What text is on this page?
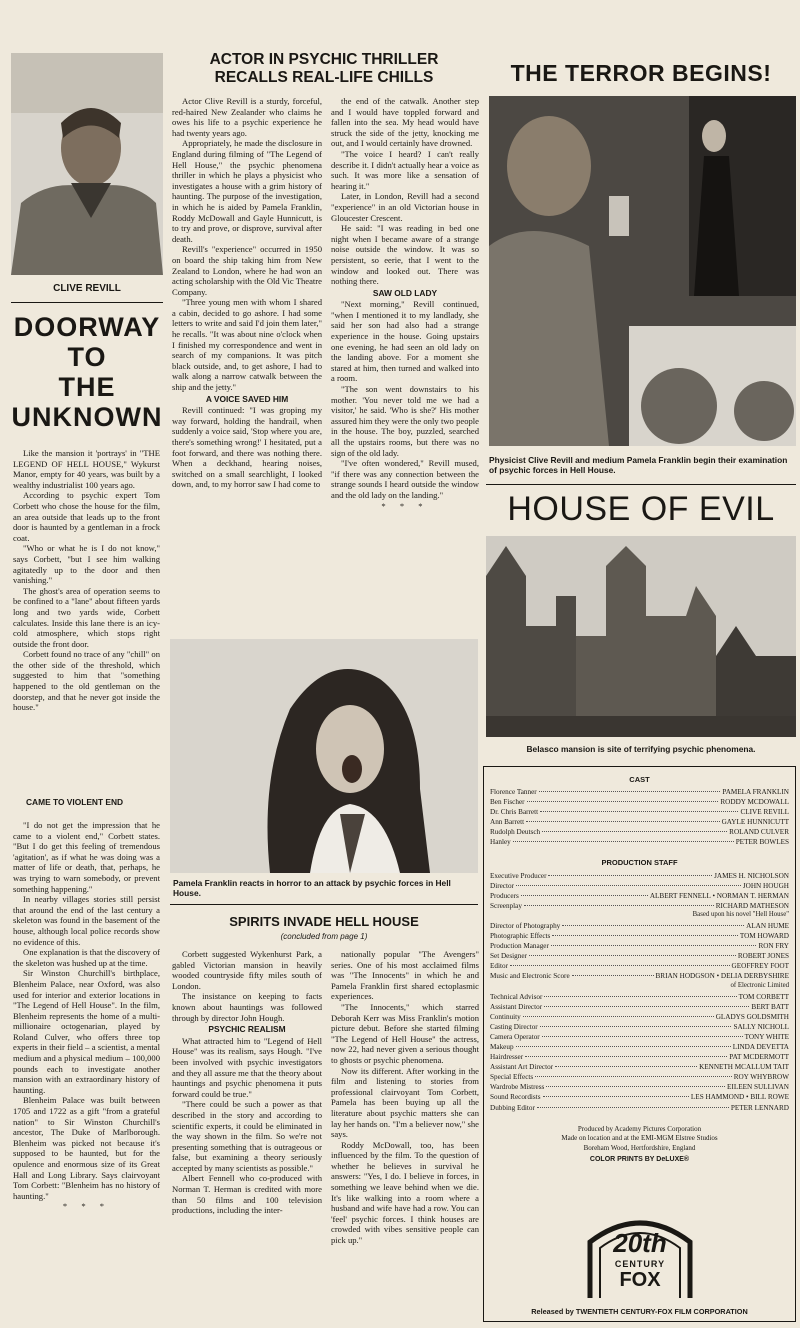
CLIVE REVILL
DOORWAY
TO
THE
UNKNOWN

Like the mansion it 'portrays' in "THE LEGEND OF HELL HOUSE," Wykurst Manor, empty for 40 years, was built by a wealthy industrialist 100 years ago.

According to psychic expert Tom Corbett who chose the house for the film, an area outside that leads up to the front door is haunted by a gentleman in a frock coat.

"Who or what he is I do not know," says Corbett, "but I see him walking agitatedly up to the door and then vanishing."

The ghost's area of operation seems to be confined to a "lane" about fifteen yards long and two yards wide, Corbett calculates. Inside this lane there is an icy-cold atmosphere, which stops right outside the front door.

Corbett found no trace of any "chill" on the other side of the threshold, which suggested to him that "something happened to the old gentleman on the doorstep, and that he never got inside the house."

CAME TO VIOLENT END

"I do not get the impression that he came to a violent end," Corbett states. "But I do get this feeling of tremendous 'agitation', as if what he was doing was a matter of life or death, that, perhaps, he was trying to warn somebody, or prevent something happening."

In nearby villages stories still persist that around the end of the last century a skeleton was found in the basement of the house, although local police records show no evidence of this.

One explanation is that the discovery of the skeleton was hushed up at the time.

Sir Winston Churchill's birthplace, Blenheim Palace, near Oxford, was also used for interior and exterior locations in "The Legend of Hell House". In the film, Blenheim represents the home of a multi-millionaire octogenarian, played by Roland Culver, who offers three top experts in their field – a scientist, a mental medium and a physical medium – 100,000 pounds each to investigate another mansion with an extraordinary history of haunting.

Blenheim Palace was built between 1705 and 1722 as a gift "from a grateful nation" to Sir Winston Churchill's ancestor, The Duke of Marlborough. Blenheim was picked not because it's supposed to be haunted, but for the opulence and enormous size of its Great Hall and Long Library. Says clairvoyant Tom Corbett: "Blenheim has no history of haunting."

* * *

ACTOR IN PSYCHIC THRILLER
RECALLS REAL-LIFE CHILLS

Actor Clive Revill is a sturdy, forceful, red-haired New Zealander who claims he owes his life to a psychic experience he had twenty years ago.

Appropriately, he made the disclosure in England during filming of "The Legend of Hell House," the psychic phenomena thriller in which he plays a physicist who investigates a house with a grim history of haunting. The purpose of the investigation, in which he is aided by Pamela Franklin, Roddy McDowall and Gayle Hunnicutt, is to try and prove, or disprove, survival after death.

Revill's "experience" occurred in 1950 on board the ship taking him from New Zealand to London, where he had won an acting scholarship with the Old Vic Theatre Company.

"Three young men with whom I shared a cabin, decided to go ashore. I had some letters to write and said I'd join them later," he recalls. "It was about nine o'clock when I finished my correspondence and went in search of my companions. It was pitch black outside, and, to get ashore, I had to walk along a narrow catwalk between the ship and the jetty."

A VOICE SAVED HIM

Revill continued: "I was groping my way forward, holding the handrail, when suddenly a voice said, 'Stop where you are, there's something wrong!' I hesitated, put a foot forward, and there was nothing there. When a deckhand, hearing noises, switched on a small searchlight, I looked down, and, to my horror saw I had come to

the end of the catwalk. Another step and I would have toppled forward and fallen into the sea. My head would have struck the side of the jetty, knocking me out, and I would certainly have drowned.

"The voice I heard? I can't really describe it. I didn't actually hear a voice as such. It was more like a sensation of hearing it."

Later, in London, Revill had a second "experience" in an old Victorian house in Gloucester Crescent.

He said: "I was reading in bed one night when I became aware of a strange noise outside the window. It was so persistent, so eerie, that I went to the window and looked out. There was nothing there.

SAW OLD LADY

"Next morning," Revill continued, "when I mentioned it to my landlady, she said her son had also had a strange experience in the house. Going upstairs one evening, he had seen an old lady on the landing above. For a moment she stared at him, then turned and walked into a room.

"The son went downstairs to his mother. 'You never told me we had a visitor,' he said. 'Who is she?' His mother assured him they were the only two people in the house. The boy, puzzled, searched all the upstairs rooms, but there was no sign of the old lady.

"I've often wondered," Revill mused, "if there was any connection between the strange sounds I heard outside the window and the old lady on the landing."

* * *

Pamela Franklin reacts in horror to an attack by psychic forces in Hell House.
SPIRITS INVADE HELL HOUSE
(concluded from page 1)

Corbett suggested Wykenhurst Park, a gabled Victorian mansion in heavily wooded countryside fifty miles south of London.

The insistance on keeping to facts known about hauntings was followed through by director John Hough.

PSYCHIC REALISM

What attracted him to "Legend of Hell House" was its realism, says Hough. "I've been involved with psychic investigators and they all assure me that the theory about hauntings and psychic phenomena it puts forward could be true."

"There could be such a power as that described in the story and according to scientific experts, it could be eliminated in the way shown in the film. So we're not presenting something that is outrageous or false, but examining a theory seriously accepted by many scientists as possible."

Albert Fennell who co-produced with Norman T. Herman is credited with more than 50 films and 100 television productions, including the inter-

nationally popular "The Avengers" series. One of his most acclaimed films was "The Innocents" in which he and Pamela Franklin first shared ectoplasmic experiences.

"The Innocents," which starred Deborah Kerr was Miss Franklin's motion picture debut. Before she started filming "The Legend of Hell House" the actress, now 22, had never given a serious thought to ghosts or psychic phenomena.

Now its different. After working in the film and listening to stories from professional clairvoyant Tom Corbett, Pamela has been buying up all the literature about psychic matters she can lay her hands on. "I'm a believer now," she says.

Roddy McDowall, too, has been influenced by the film. To the question of whether he believes in survival he answers: "Yes, I do. I believe in forces, in something we leave behind when we die. It's like walking into a room where a husband and wife have had a row. You can 'feel' psychic forces. I think houses are crowded with vibes sensitive people can pick up."

THE TERROR BEGINS!
Physicist Clive Revill and medium Pamela Franklin begin their examination of psychic forces in Hell House.
HOUSE OF EVIL
Belasco mansion is site of terrifying psychic phenomena.
CAST
Florence Tanner	PAMELA FRANKLIN
Ben Fischer	RODDY MCDOWALL
Dr. Chris Barrett	CLIVE REVILL
Ann Barrett	GAYLE HUNNICUTT
Rudolph Deutsch	ROLAND CULVER
Hanley	PETER BOWLES
PRODUCTION STAFF
Executive Producer	JAMES H. NICHOLSON
Director	JOHN HOUGH
Producers	ALBERT FENNELL • NORMAN T. HERMAN
Screenplay	RICHARD MATHESON
Based upon his novel "Hell House"
Director of Photography	ALAN HUME
Photographic Effects	TOM HOWARD
Production Manager	RON FRY
Set Designer	ROBERT JONES
Editor	GEOFFREY FOOT
Music and Electronic Score	BRIAN HODGSON • DELIA DERBYSHIRE
of Electronic Limited
Technical Advisor	TOM CORBETT
Assistant Director	BERT BATT
Continuity	GLADYS GOLDSMITH
Casting Director	SALLY NICHOLL
Camera Operator	TONY WHITE
Makeup	LINDA DEVETTA
Hairdresser	PAT MCDERMOTT
Assistant Art Director	KENNETH MCALLUM TAIT
Special Effects	ROY WHYBROW
Wardrobe Mistress	EILEEN SULLIVAN
Sound Recordists	LES HAMMOND • BILL ROWE
Dubbing Editor	PETER LENNARD
Produced by Academy Pictures Corporation
Made on location and at the EMI-MGM Elstree Studios
Boreham Wood, Hertfordshire, England
COLOR PRINTS BY DeLUXE®
20th
CENTURY
FOX
Released by TWENTIETH CENTURY-FOX FILM CORPORATION
